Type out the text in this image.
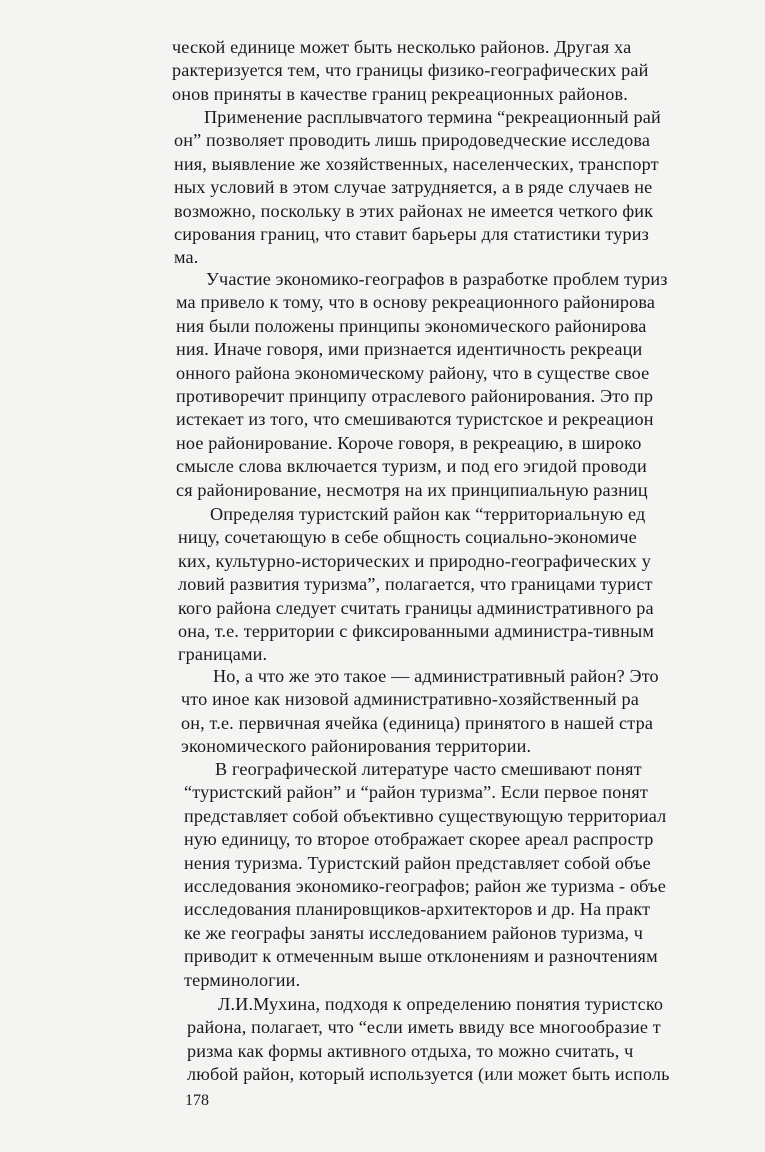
ческой единице может быть несколько районов. Другая ха
рактеризуется тем, что границы физико-географических рай
онов приняты в качестве границ рекреационных районов.
Применение расплывчатого термина “рекреационный рай
он” позволяет проводить лишь природоведческие исследова
ния, выявление же хозяйственных, населенческих, транспорт
ных условий в этом случае затрудняется, а в ряде случаев не
возможно, поскольку в этих районах не имеется четкого фик
сирования границ, что ставит барьеры для статистики туриз
ма.
Участие экономико-географов в разработке проблем туриз
ма привело к тому, что в основу рекреационного районирова
ния были положены принципы экономического районирова
ния. Иначе говоря, ими признается идентичность рекреаци
онного района экономическому району, что в существе свое
противоречит принципу отраслевого районирования. Это пр
истекает из того, что смешиваются туристское и рекреацион
ное районирование. Короче говоря, в рекреацию, в широко
смысле слова включается туризм, и под его эгидой проводи
ся районирование, несмотря на их принципиальную разниц
Определяя туристский район как “территориальную ед
ницу, сочетающую в себе общность социально-экономиче
ких, культурно-исторических и природно-географических у
ловий развития туризма”, полагается, что границами турист
кого района следует считать границы административного ра
она, т.е. территории с фиксированными администра-тивным
границами.
Но, а что же это такое — административный район? Это
что иное как низовой административно-хозяйственный ра
он, т.е. первичная ячейка (единица) принятого в нашей стра
экономического районирования территории.
В географической литературе часто смешивают понят
“туристский район” и “район туризма”. Если первое понят
представляет собой объективно существующую территориал
ную единицу, то второе отображает скорее ареал распростр
нения туризма. Туристский район представляет собой объе
исследования экономико-географов; район же туризма - объе
исследования планировщиков-архитекторов и др. На практ
ке же географы заняты исследованием районов туризма, ч
приводит к отмеченным выше отклонениям и разночтениям
терминологии.
Л.И.Мухина, подходя к определению понятия туристско
района, полагает, что “если иметь ввиду все многообразие т
ризма как формы активного отдыха, то можно считать, ч
любой район, который используется (или может быть исполь
178
